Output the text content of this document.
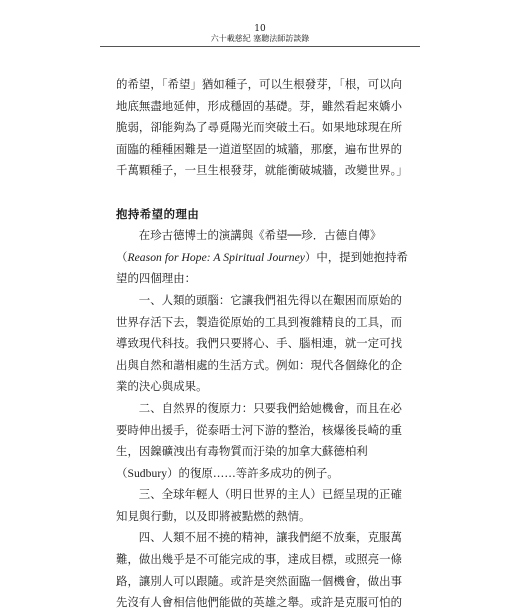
10
六十載慈紀 塞聽法師訪談錄

的希望，「希望」猶如種子，可以生根發芽，「根，可以向地底無盡地延伸，形成穩固的基礎。芽，雖然看起來嬌小脆弱，卻能夠為了尋覓陽光而突破土石。如果地球現在所面臨的種種困難是一道道堅固的城牆，那麼，遍布世界的千萬顆種子，一旦生根發芽，就能衝破城牆，改變世界。」

抱持希望的理由

在珍古德博士的演講與《希望──珍．古德自傳》（Reason for Hope: A Spiritual Journey）中，提到她抱持希望的四個理由：

一、人類的頭腦：它讓我們祖先得以在艱困而原始的世界存活下去，製造從原始的工具到複雜精良的工具，而導致現代科技。我們只要將心、手、腦相連，就一定可找出與自然和諧相處的生活方式。例如：現代各個綠化的企業的決心與成果。

二、自然界的復原力：只要我們給她機會，而且在必要時伸出援手，從泰晤士河下游的整治，核爆後長崎的重生，因鎳礦洩出有毒物質而汙染的加拿大蘇德柏利（Sudbury）的復原……等許多成功的例子。

三、全球年輕人（明日世界的主人）已經呈現的正確知見與行動，以及即將被點燃的熱情。

四、人類不屈不撓的精神，讓我們絕不放棄，克服萬難，做出幾乎是不可能完成的事，達成目標，或照亮一條路，讓別人可以跟隨。或許是突然面臨一個機會，做出事先沒有人會相信他們能做的英雄之舉。或許是克服可怕的
